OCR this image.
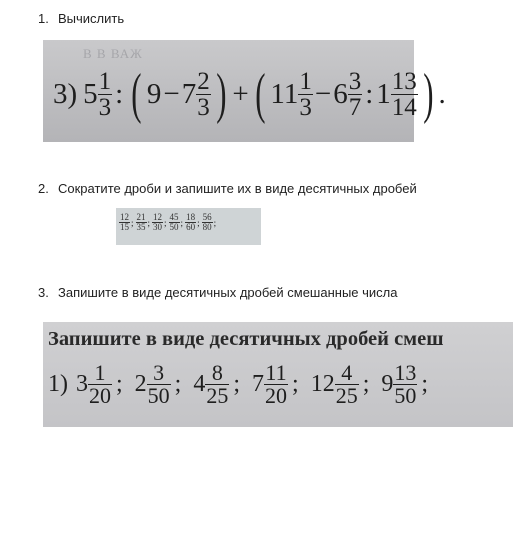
1. Вычислить
2. Сократите дроби и запишите их в виде десятичных дробей
3. Запишите в виде десятичных дробей смешанные числа
В В ВАЖ
3) $5 \frac{1}{3}$ : ( $9 - 7 \frac{2}{3}$ ) + ( $11 \frac{1}{3} - 6 \frac{3}{7}$ : $1 \frac{13}{14}$ ) .
$\frac{12}{15}$ ; $\frac{21}{35}$ ; $\frac{12}{30}$ ; $\frac{45}{50}$ ; $\frac{18}{60}$ ; $\frac{56}{80}$ ;
Запишите в виде десятичных дробей смеш
1) $3 \frac{1}{20}$ ; $2 \frac{3}{50}$ ; $4 \frac{8}{25}$ ; $7 \frac{11}{20}$ ; $12 \frac{4}{25}$ ; $9 \frac{13}{50}$ ;
